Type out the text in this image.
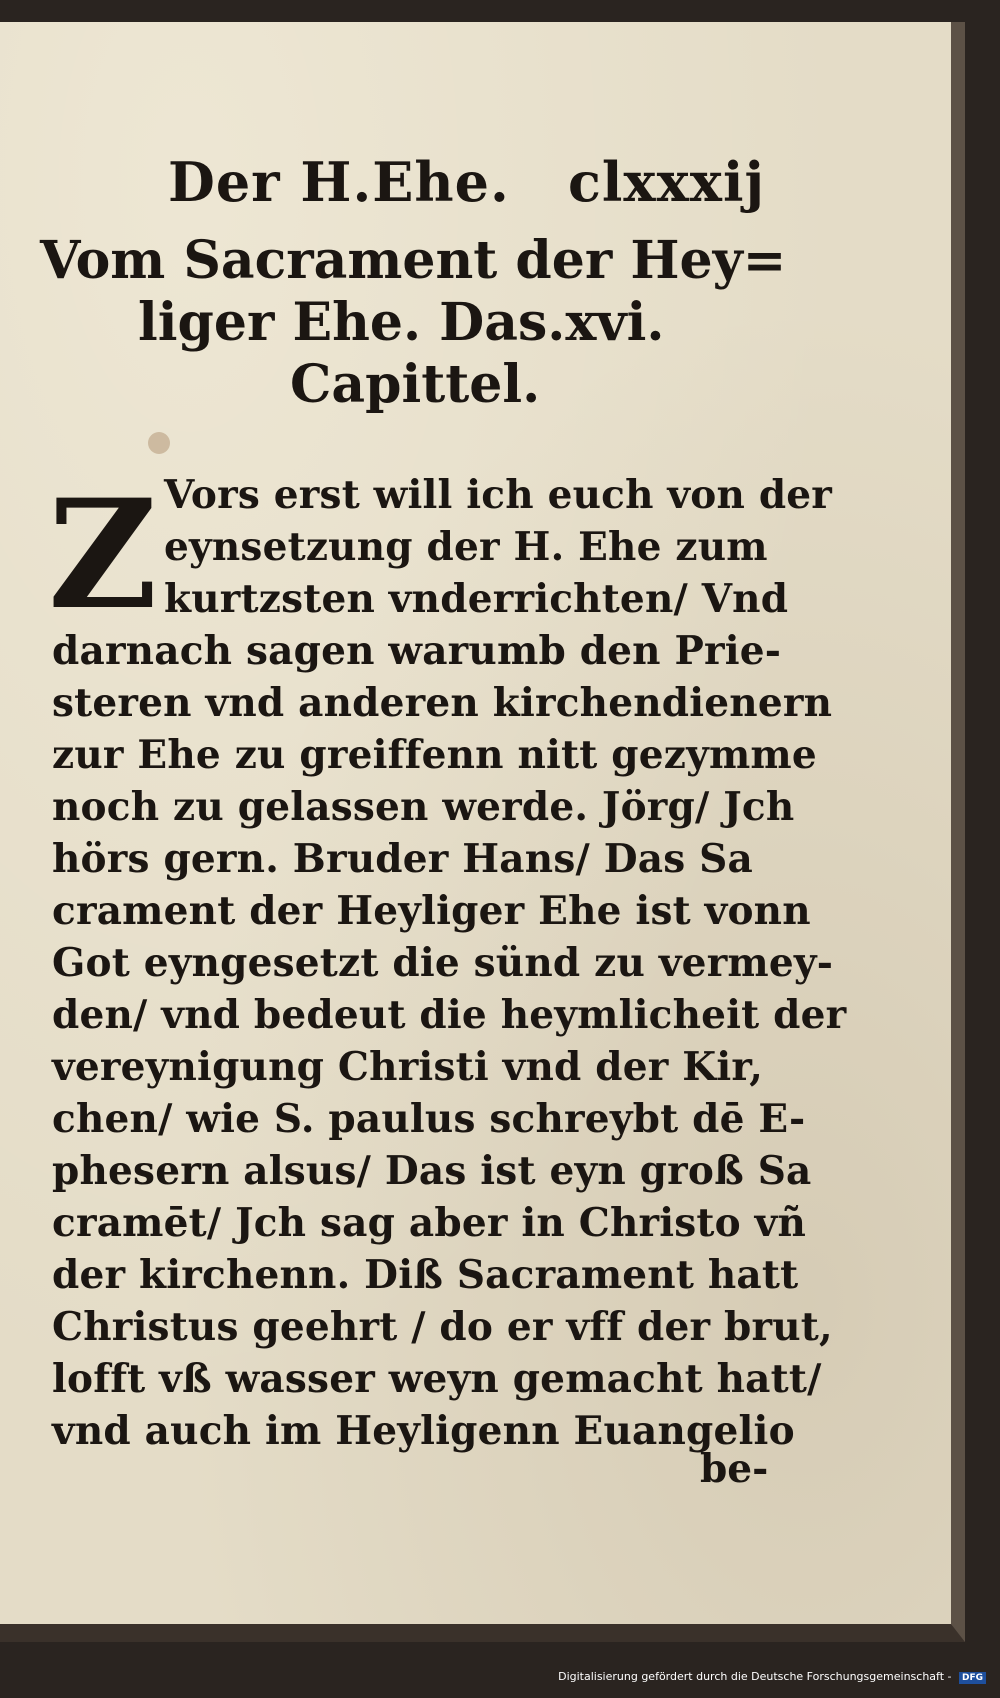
Der H.Ehe. clxxxij
Vom Sacrament der Hey=
liger Ehe. Das.xvi.
Capittel.
Z Vors erst will ich euch von der
eynsetzung der H. Ehe zum
kurtzsten vnderrichten/ Vnd
darnach sagen warumb den Prie-
steren vnd anderen kirchendienern
zur Ehe zu greiffenn nitt gezymme
noch zu gelassen werde. Jörg/ Jch
hörs gern. Bruder Hans/ Das Sa
crament der Heyliger Ehe ist vonn
Got eyngesetzt die sünd zu vermey-
den/ vnd bedeut die heymlicheit der
vereynigung Christi vnd der Kir,
chen/ wie S. paulus schreybt dē E-
phesern alsus/ Das ist eyn groß Sa
cramēt/ Jch sag aber in Christo vñ
der kirchenn. Diß Sacrament hatt
Christus geehrt / do er vff der brut,
lofft vß wasser weyn gemacht hatt/
vnd auch im Heyligenn Euangelio
be-
Digitalisierung gefördert durch die Deutsche Forschungsgemeinschaft - DFG
